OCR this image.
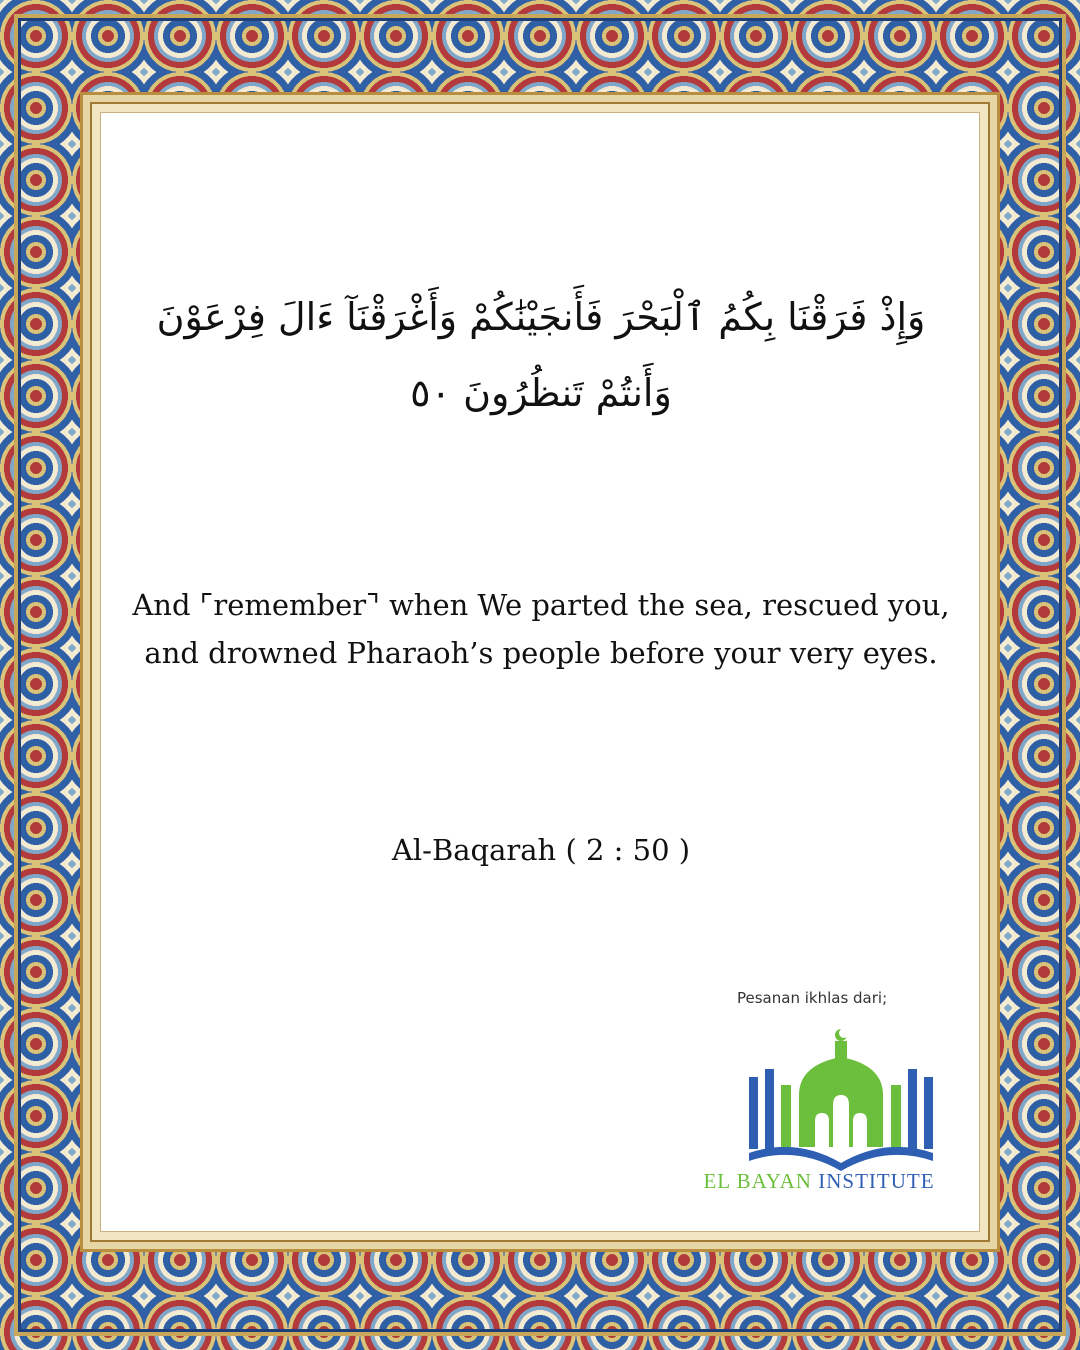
وَإِذْ فَرَقْنَا بِكُمُ ٱلْبَحْرَ فَأَنجَيْنَٰكُمْ وَأَغْرَقْنَآ ءَالَ فِرْعَوْنَ
وَأَنتُمْ تَنظُرُونَ ٥٠
And ⌜remember⌝ when We parted the sea, rescued you,
and drowned Pharaoh’s people before your very eyes.
Al-Baqarah ( 2 : 50 )
Pesanan ikhlas dari;
EL BAYAN INSTITUTE
